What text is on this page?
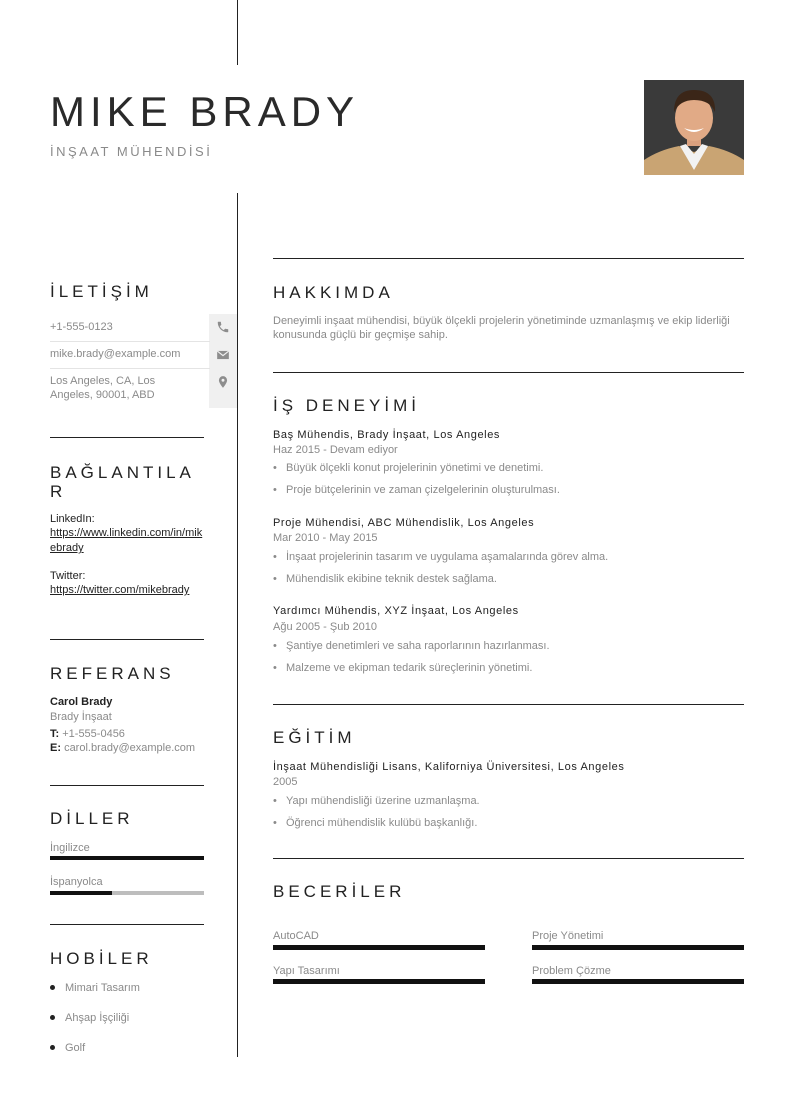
MIKE BRADY
İNŞAAT MÜHENDİSİ
İLETİŞİM
+1-555-0123
mike.brady@example.com
Los Angeles, CA, Los Angeles, 90001, ABD
BAĞLANTILAR
LinkedIn:
https://www.linkedin.com/in/mikebrady
Twitter:
https://twitter.com/mikebrady
REFERANS
Carol Brady
Brady İnşaat
T: +1-555-0456
E: carol.brady@example.com
DİLLER
İngilizce
İspanyolca
HOBİLER
Mimari Tasarım
Ahşap İşçiliği
Golf
HAKKIMDA
Deneyimli inşaat mühendisi, büyük ölçekli projelerin yönetiminde uzmanlaşmış ve ekip liderliği konusunda güçlü bir geçmişe sahip.
İŞ DENEYİMİ
Baş Mühendis, Brady İnşaat, Los Angeles
Haz 2015 - Devam ediyor
• Büyük ölçekli konut projelerinin yönetimi ve denetimi.
• Proje bütçelerinin ve zaman çizelgelerinin oluşturulması.
Proje Mühendisi, ABC Mühendislik, Los Angeles
Mar 2010 - May 2015
• İnşaat projelerinin tasarım ve uygulama aşamalarında görev alma.
• Mühendislik ekibine teknik destek sağlama.
Yardımcı Mühendis, XYZ İnşaat, Los Angeles
Ağu 2005 - Şub 2010
• Şantiye denetimleri ve saha raporlarının hazırlanması.
• Malzeme ve ekipman tedarik süreçlerinin yönetimi.
EĞİTİM
İnşaat Mühendisliği Lisans, Kaliforniya Üniversitesi, Los Angeles
2005
• Yapı mühendisliği üzerine uzmanlaşma.
• Öğrenci mühendislik kulübü başkanlığı.
BECERİLER
AutoCAD	Proje Yönetimi
Yapı Tasarımı	Problem Çözme
